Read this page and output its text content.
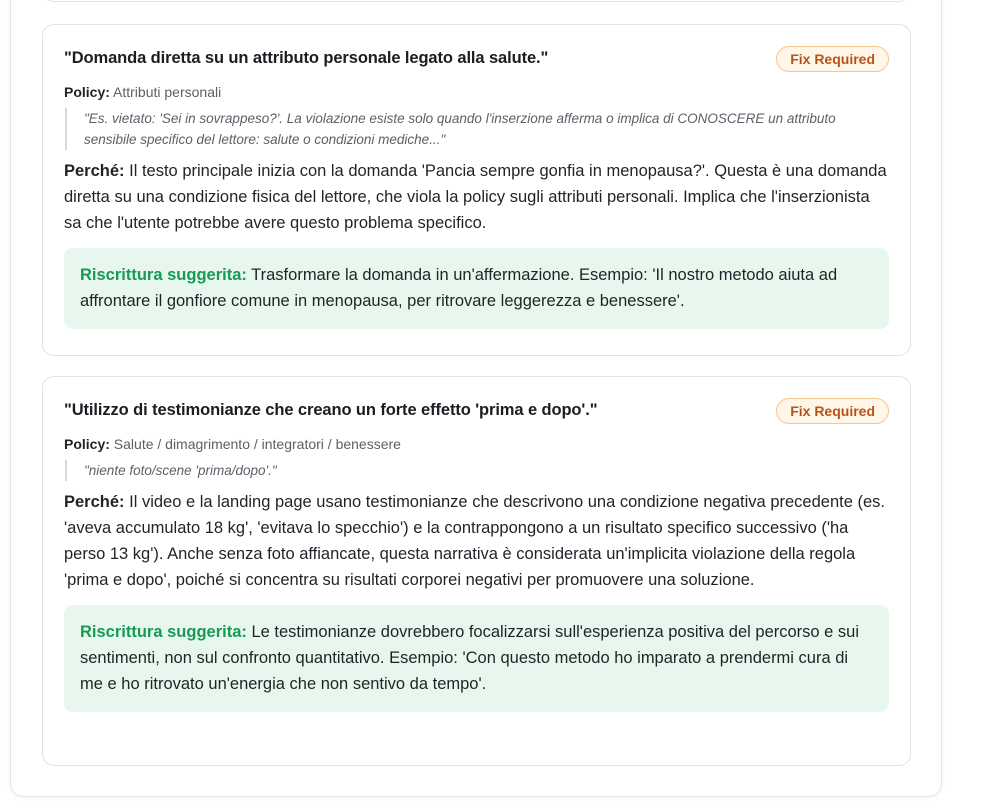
"Domanda diretta su un attributo personale legato alla salute."	Fix Required
Policy: Attributi personali
"Es. vietato: 'Sei in sovrappeso?'. La violazione esiste solo quando l'inserzione afferma o implica di CONOSCERE un attributo sensibile specifico del lettore: salute o condizioni mediche..."
Perché: Il testo principale inizia con la domanda 'Pancia sempre gonfia in menopausa?'. Questa è una domanda diretta su una condizione fisica del lettore, che viola la policy sugli attributi personali. Implica che l'inserzionista sa che l'utente potrebbe avere questo problema specifico.
Riscrittura suggerita: Trasformare la domanda in un'affermazione. Esempio: 'Il nostro metodo aiuta ad affrontare il gonfiore comune in menopausa, per ritrovare leggerezza e benessere'.
"Utilizzo di testimonianze che creano un forte effetto 'prima e dopo'."	Fix Required
Policy: Salute / dimagrimento / integratori / benessere
"niente foto/scene 'prima/dopo'."
Perché: Il video e la landing page usano testimonianze che descrivono una condizione negativa precedente (es. 'aveva accumulato 18 kg', 'evitava lo specchio') e la contrappongono a un risultato specifico successivo ('ha perso 13 kg'). Anche senza foto affiancate, questa narrativa è considerata un'implicita violazione della regola 'prima e dopo', poiché si concentra su risultati corporei negativi per promuovere una soluzione.
Riscrittura suggerita: Le testimonianze dovrebbero focalizzarsi sull'esperienza positiva del percorso e sui sentimenti, non sul confronto quantitativo. Esempio: 'Con questo metodo ho imparato a prendermi cura di me e ho ritrovato un'energia che non sentivo da tempo'.
